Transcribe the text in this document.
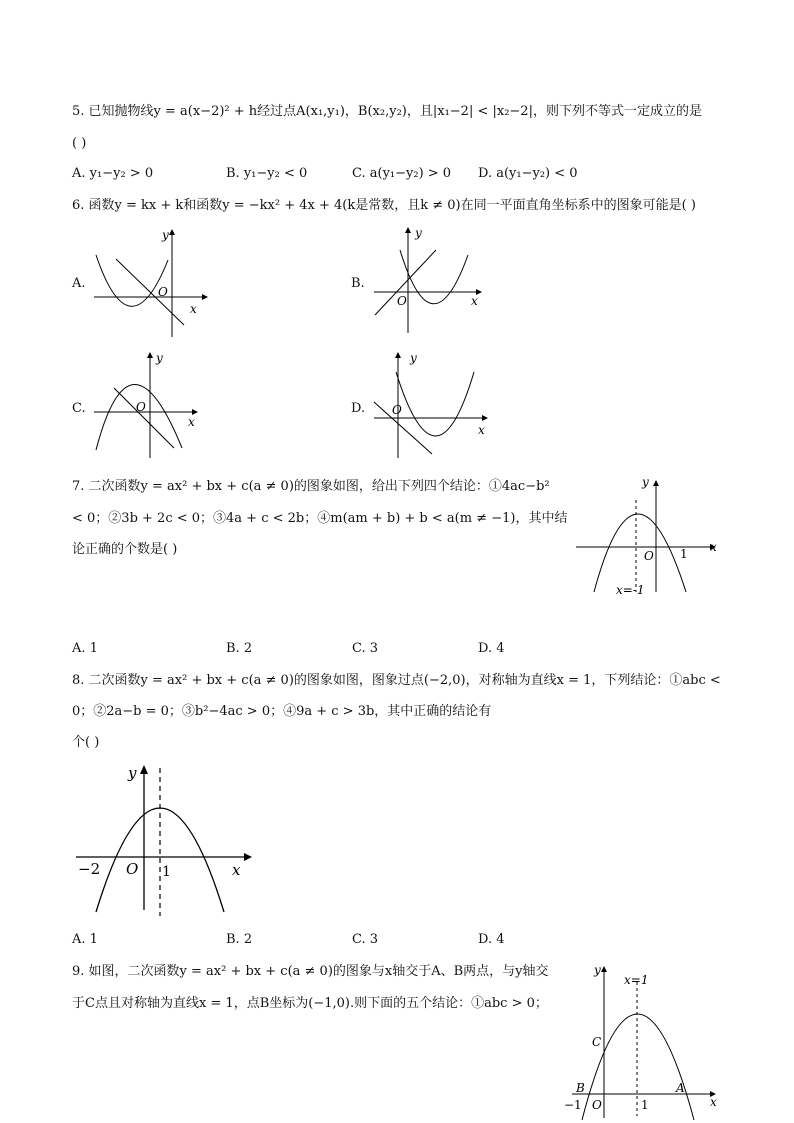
5. 已知抛物线y = a(x−2)² + h经过点A(x₁,y₁)，B(x₂,y₂)，且|x₁−2| < |x₂−2|，则下列不等式一定成立的是
( )
A. y₁−y₂ > 0	B. y₁−y₂ < 0	C. a(y₁−y₂) > 0 D. a(y₁−y₂) < 0
6. 函数y = kx + k和函数y = −kx² + 4x + 4(k是常数，且k ≠ 0)在同一平面直角坐标系中的图象可能是( )
A.
O
y
x
B.
O
y
x
C.	O
y
x
D. O
y
x
7. 二次函数y = ax² + bx + c(a ≠ 0)的图象如图，给出下列四个结论：①4ac−b²
< 0；②3b + 2c < 0；③4a + c < 2b；④m(am + b) + b < a(m ≠ −1)，其中结
论正确的个数是( )
y
x
O 1
x=-1
A. 1	B. 2	C. 3	D. 4
8. 二次函数y = ax² + bx + c(a ≠ 0)的图象如图，图象过点(−2,0)，对称轴为直线x = 1，下列结论：①abc <
0；②2a−b = 0；③b²−4ac > 0；④9a + c > 3b，其中正确的结论有
个( )
y
x
O
−2	1
A. 1	B. 2	C. 3	D. 4
9. 如图，二次函数y = ax² + bx + c(a ≠ 0)的图象与x轴交于A、B两点，与y轴交
于C点且对称轴为直线x = 1，点B坐标为(−1,0).则下面的五个结论：①abc > 0；
y
x
x=1
C
B	A
−1 O	1
